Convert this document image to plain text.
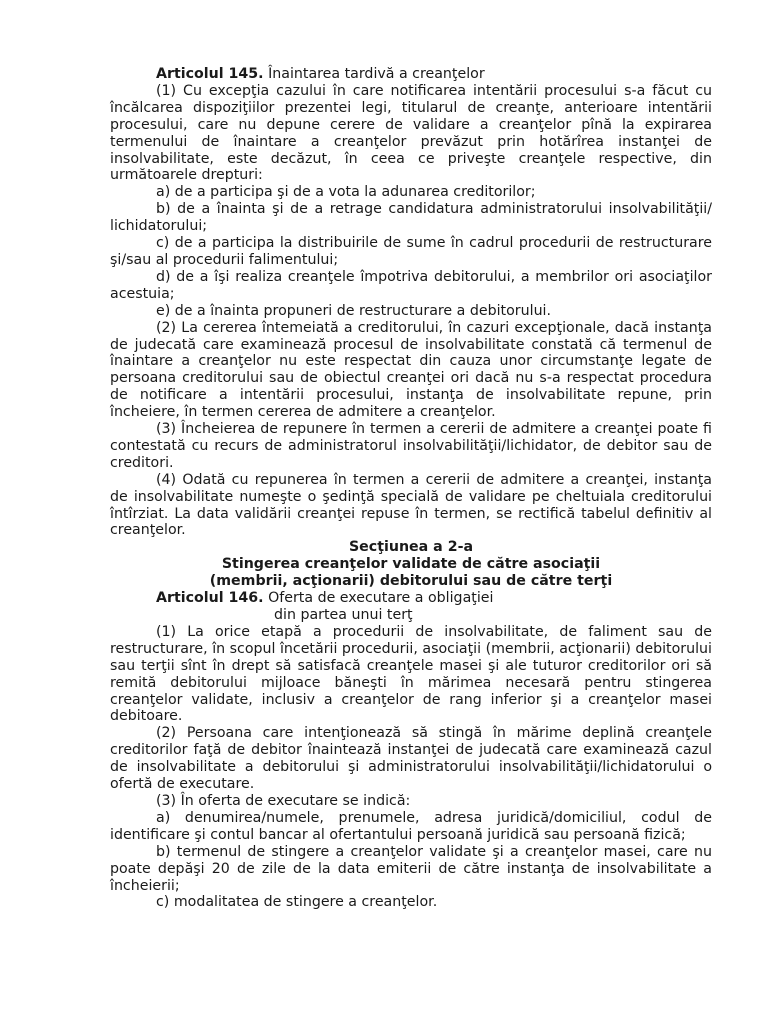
Articolul 145. Înaintarea tardivă a creanţelor

(1) Cu excepţia cazului în care notificarea intentării procesului s-a făcut cu încălcarea dispoziţiilor prezentei legi, titularul de creanţe, anterioare intentării procesului, care nu depune cerere de validare a creanţelor pînă la expirarea termenului de înaintare a creanţelor prevăzut prin hotărîrea instanţei de insolvabilitate, este decăzut, în ceea ce priveşte creanţele respective, din următoarele drepturi:

a) de a participa şi de a vota la adunarea creditorilor;

b) de a înainta şi de a retrage candidatura administratorului insolvabilităţii/ lichidatorului;

c) de a participa la distribuirile de sume în cadrul procedurii de restructurare şi/sau al procedurii falimentului;

d) de a îşi realiza creanţele împotriva debitorului, a membrilor ori asociaţilor acestuia;

e) de a înainta propuneri de restructurare a debitorului.

(2) La cererea întemeiată a creditorului, în cazuri excepţionale, dacă instanţa de judecată care examinează procesul de insolvabilitate constată că termenul de înaintare a creanţelor nu este respectat din cauza unor circumstanţe legate de persoana creditorului sau de obiectul creanţei ori dacă nu s-a respectat procedura de notificare a intentării procesului, instanţa de insolvabilitate repune, prin încheiere, în termen cererea de admitere a creanţelor.

(3) Încheierea de repunere în termen a cererii de admitere a creanţei poate fi contestată cu recurs de administratorul insolvabilităţii/lichidator, de debitor sau de creditori.

(4) Odată cu repunerea în termen a cererii de admitere a creanţei, instanţa de insolvabilitate numeşte o şedinţă specială de validare pe cheltuiala creditorului întîrziat. La data validării creanţei repuse în termen, se rectifică tabelul definitiv al creanţelor.

Secţiunea a 2-a

Stingerea creanţelor validate de către asociaţii

(membrii, acţionarii) debitorului sau de către terţi

Articolul 146. Oferta de executare a obligaţiei

din partea unui terţ

(1) La orice etapă a procedurii de insolvabilitate, de faliment sau de restructurare, în scopul încetării procedurii, asociaţii (membrii, acţionarii) debitorului sau terţii sînt în drept să satisfacă creanţele masei şi ale tuturor creditorilor ori să remită debitorului mijloace băneşti în mărimea necesară pentru stingerea creanţelor validate, inclusiv a creanţelor de rang inferior şi a creanţelor masei debitoare.

(2) Persoana care intenţionează să stingă în mărime deplină creanţele creditorilor faţă de debitor înaintează instanţei de judecată care examinează cazul de insolvabilitate a debitorului şi administratorului insolvabilităţii/lichidatorului o ofertă de executare.

(3) În oferta de executare se indică:

a) denumirea/numele, prenumele, adresa juridică/domiciliul, codul de identificare şi contul bancar al ofertantului persoană juridică sau persoană fizică;

b) termenul de stingere a creanţelor validate şi a creanţelor masei, care nu poate depăşi 20 de zile de la data emiterii de către instanţa de insolvabilitate a încheierii;

c) modalitatea de stingere a creanţelor.
